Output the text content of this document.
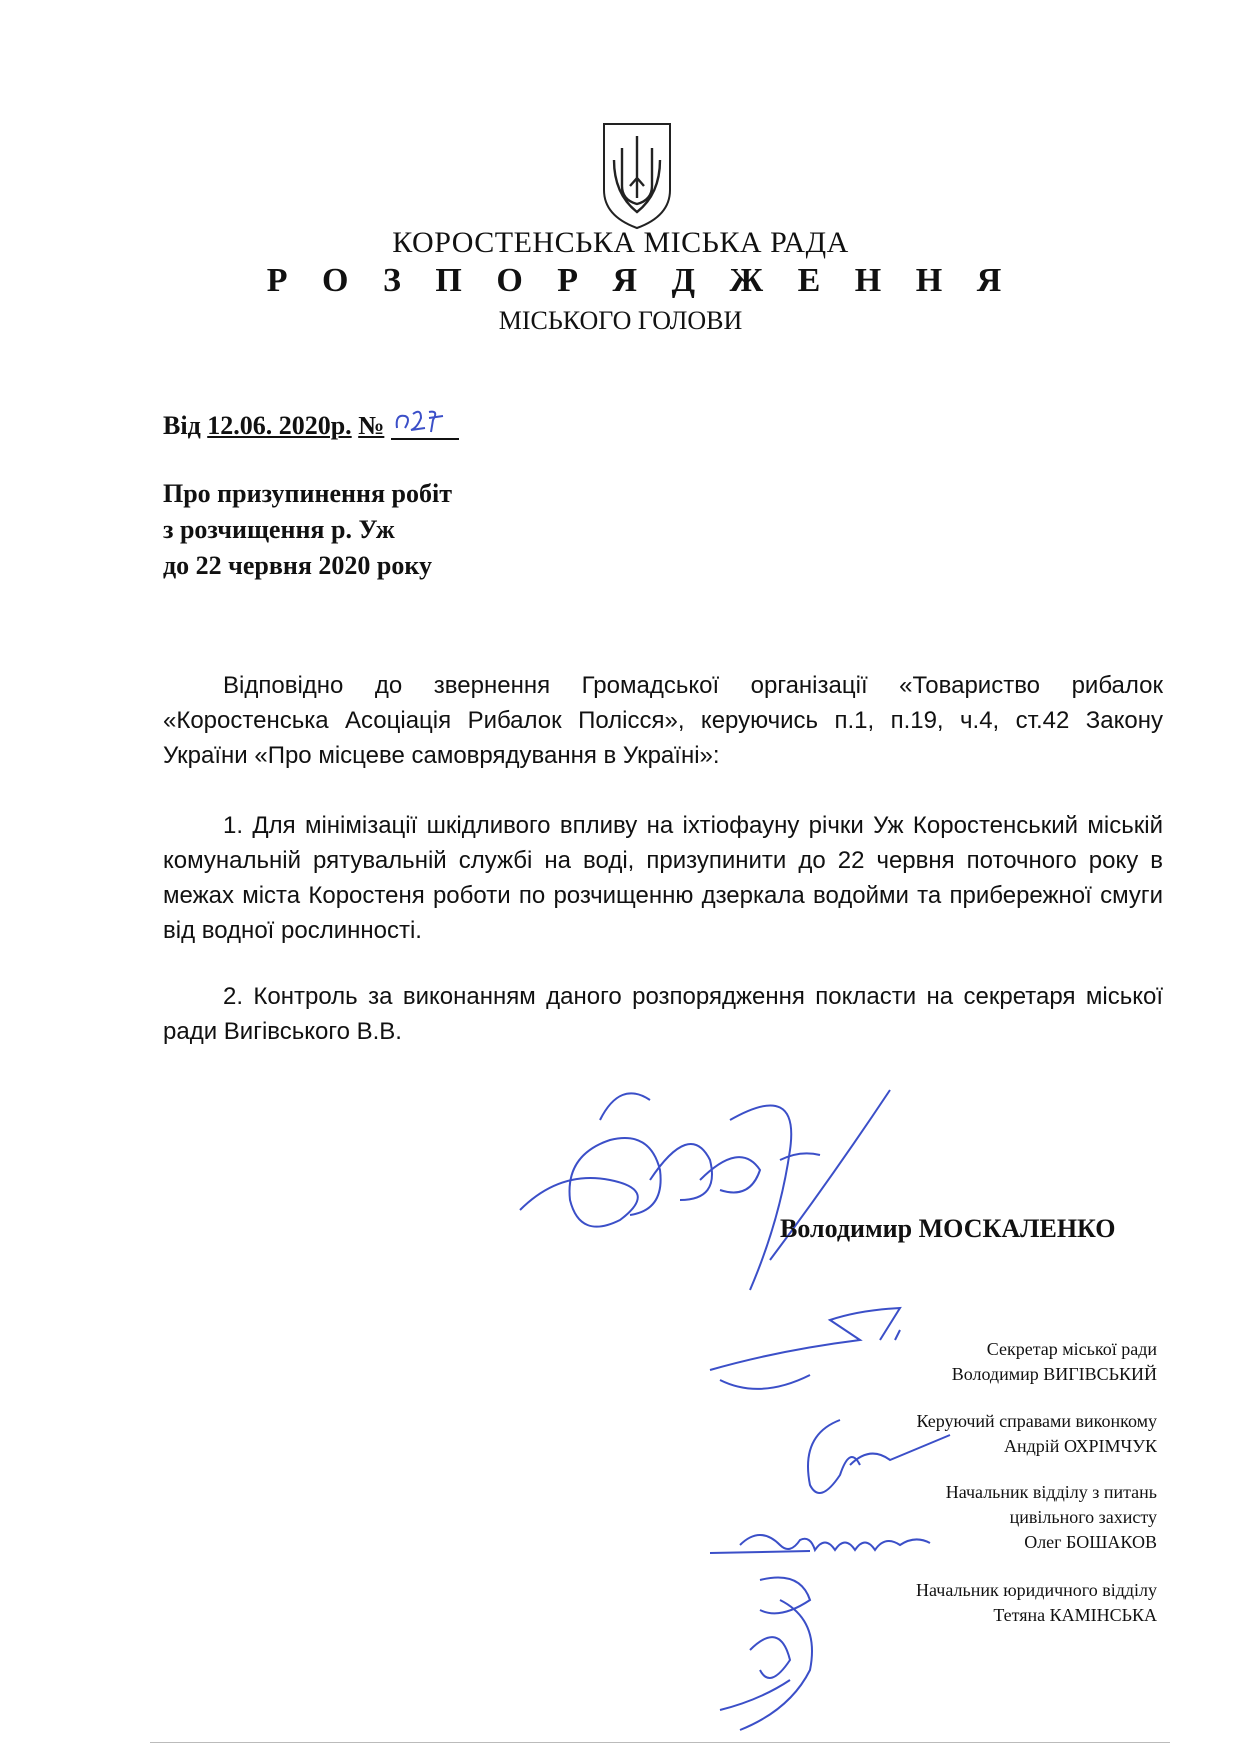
КОРОСТЕНСЬКА МІСЬКА РАДА
Р О З П О Р Я Д Ж Е Н Н Я
МІСЬКОГО ГОЛОВИ
Від 12.06. 2020р. №
Про призупинення робіт
з розчищення р. Уж
до 22 червня 2020 року
Відповідно до звернення Громадської організації «Товариство рибалок «Коростенська Асоціація Рибалок Полісся», керуючись п.1, п.19, ч.4, ст.42 Закону України «Про місцеве самоврядування в Україні»:
1. Для мінімізації шкідливого впливу на іхтіофауну річки Уж Коростенський міській комунальній рятувальній службі на воді, призупинити до 22 червня поточного року в межах міста Коростеня роботи по розчищенню дзеркала водойми та прибережної смуги від водної рослинності.
2. Контроль за виконанням даного розпорядження покласти на секретаря міської ради Вигівського В.В.
Володимир МОСКАЛЕНКО
Секретар міської ради
Володимир ВИГІВСЬКИЙ
Керуючий справами виконкому
Андрій ОХРІМЧУК
Начальник відділу з питань
цивільного захисту
Олег БОШАКОВ
Начальник юридичного відділу
Тетяна КАМІНСЬКА
